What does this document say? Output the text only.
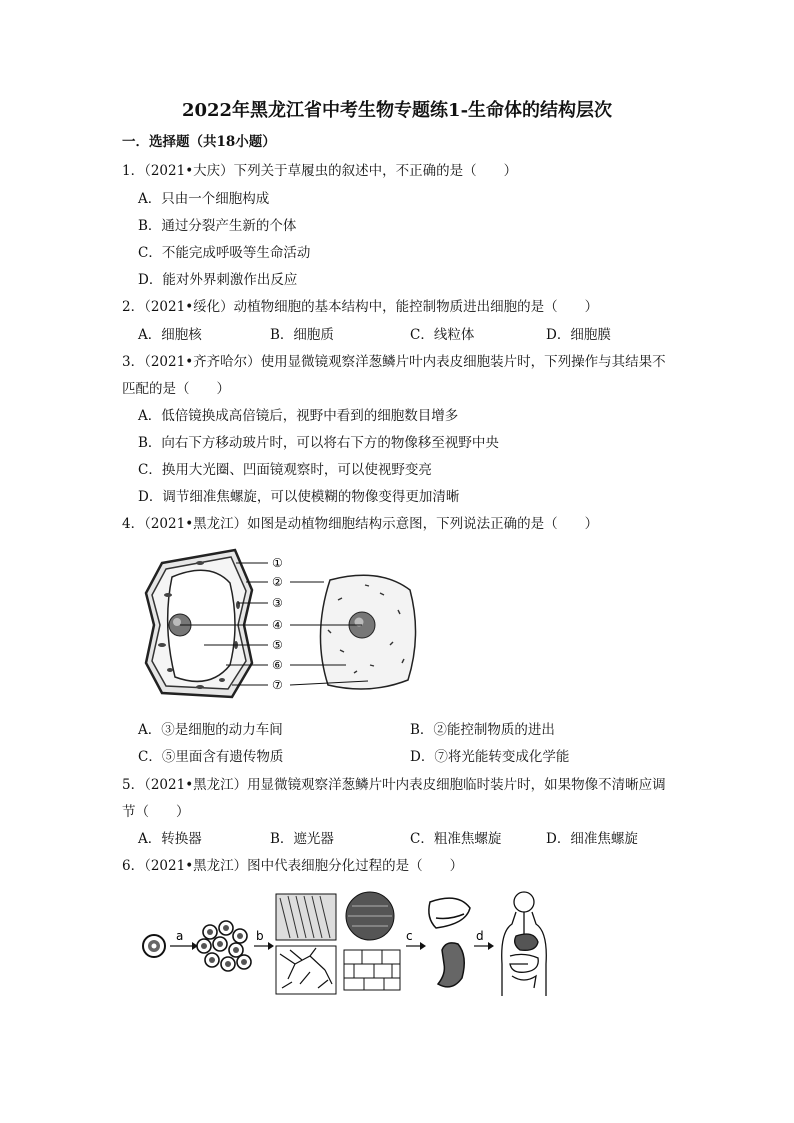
2022年黑龙江省中考生物专题练1-生命体的结构层次
一．选择题（共18小题）
1．（2021•大庆）下列关于草履虫的叙述中，不正确的是（　　）
A．只由一个细胞构成
B．通过分裂产生新的个体
C．不能完成呼吸等生命活动
D．能对外界刺激作出反应
2．（2021•绥化）动植物细胞的基本结构中，能控制物质进出细胞的是（　　）
A．细胞核	B．细胞质	C．线粒体	D．细胞膜
3．（2021•齐齐哈尔）使用显微镜观察洋葱鳞片叶内表皮细胞装片时，下列操作与其结果不
匹配的是（　　）
A．低倍镜换成高倍镜后，视野中看到的细胞数目增多
B．向右下方移动玻片时，可以将右下方的物像移至视野中央
C．换用大光圈、凹面镜观察时，可以使视野变亮
D．调节细准焦螺旋，可以使模糊的物像变得更加清晰
4．（2021•黑龙江）如图是动植物细胞结构示意图，下列说法正确的是（　　）
①
②
③
④
⑤
⑥
⑦
A．③是细胞的动力车间	B．②能控制物质的进出
C．⑤里面含有遗传物质	D．⑦将光能转变成化学能
5．（2021•黑龙江）用显微镜观察洋葱鳞片叶内表皮细胞临时装片时，如果物像不清晰应调
节（　　）
A．转换器	B．遮光器	C．粗准焦螺旋	D．细准焦螺旋
6．（2021•黑龙江）图中代表细胞分化过程的是（　　）
a	b	c	d
